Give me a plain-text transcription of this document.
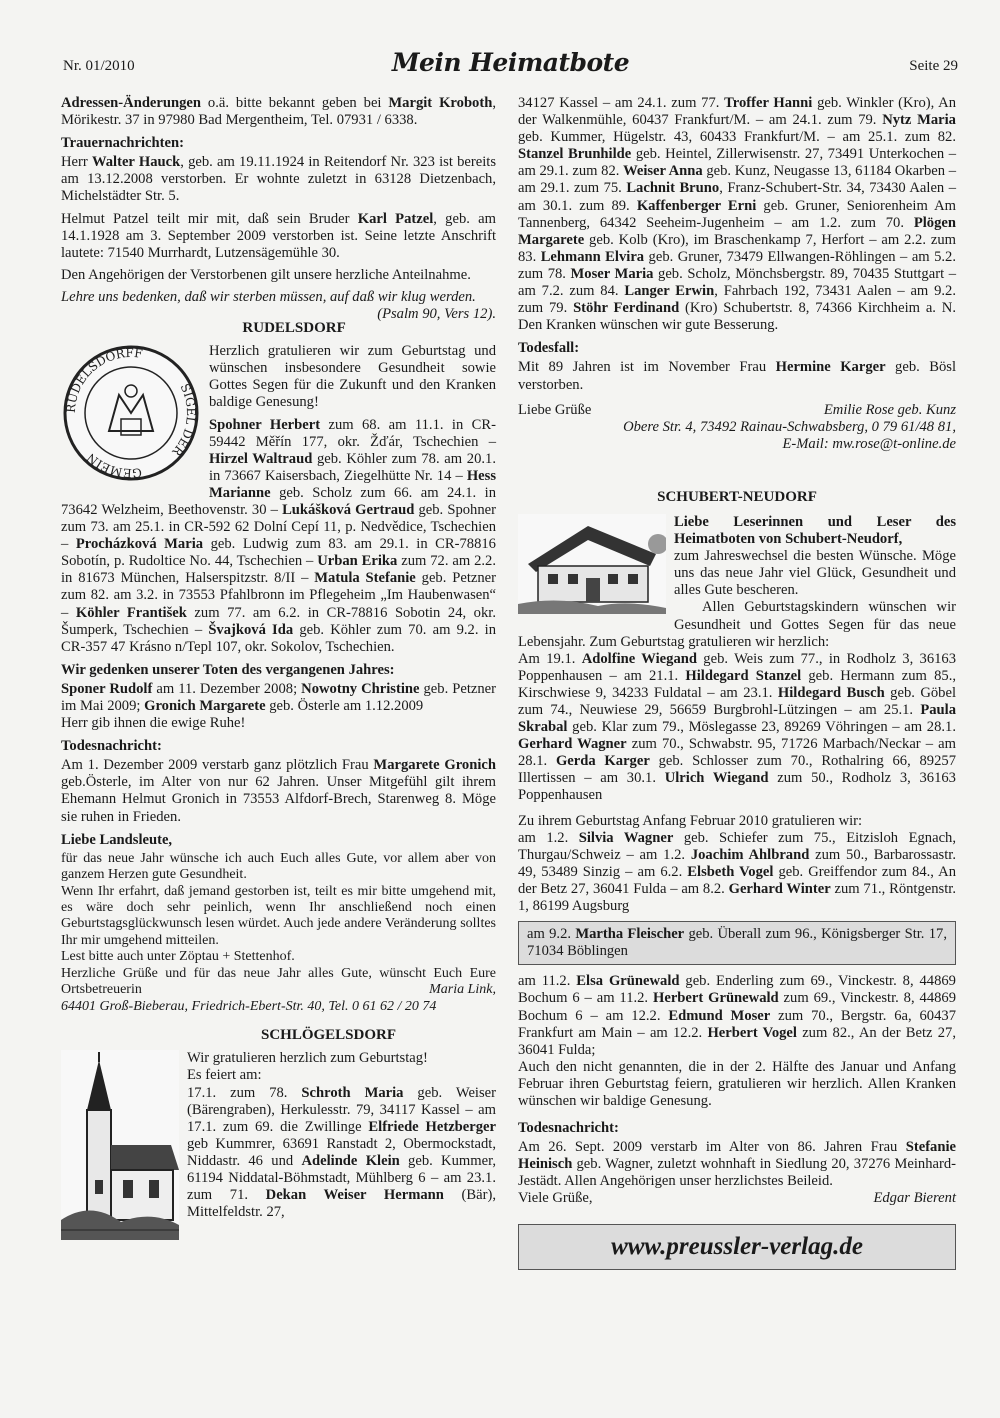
Nr. 01/2010	Mein Heimatbote	Seite 29

Adressen-Änderungen o.ä. bitte bekannt geben bei Margit Kroboth, Mörikestr. 37 in 97980 Bad Mergentheim, Tel. 07931 / 6338.

Trauernachrichten:

Herr Walter Hauck, geb. am 19.11.1924 in Reitendorf Nr. 323 ist bereits am 13.12.2008 verstorben. Er wohnte zuletzt in 63128 Dietzenbach, Michelstädter Str. 5.

Helmut Patzel teilt mir mit, daß sein Bruder Karl Patzel, geb. am 14.1.1928 am 3. September 2009 verstorben ist. Seine letzte Anschrift lautete: 71540 Murrhardt, Lutzensägemühle 30.

Den Angehörigen der Verstorbenen gilt unsere herzliche Anteilnahme.

Lehre uns bedenken, daß wir sterben müssen, auf daß wir klug werden.
(Psalm 90, Vers 12).

RUDELSDORF
RUDELSDORFF
SIGEL DER
GEMEIN

Herzlich gratulieren wir zum Geburtstag und wünschen insbesondere Gesundheit sowie Gottes Segen für die Zukunft und den Kranken baldige Genesung!

Spohner Herbert zum 68. am 11.1. in CR-59442 Měřín 177, okr. Žďár, Tschechien – Hirzel Waltraud geb. Köhler zum 78. am 20.1. in 73667 Kaisersbach, Ziegelhütte Nr. 14 – Hess Marianne geb. Scholz zum 66. am 24.1. in 73642 Welzheim, Beethovenstr. 30 – Lukášková Gertraud geb. Spohner zum 73. am 25.1. in CR-592 62 Dolní Cepí 11, p. Nedvědice, Tschechien – Procházková Maria geb. Ludwig zum 83. am 29.1. in CR-78816 Sobotín, p. Rudoltice No. 44, Tschechien – Urban Erika zum 72. am 2.2. in 81673 München, Halserspitzstr. 8/II – Matula Stefanie geb. Petzner zum 82. am 3.2. in 73553 Pfahlbronn im Pflegeheim „Im Haubenwasen“ – Köhler František zum 77. am 6.2. in CR-78816 Sobotin 24, okr. Šumperk, Tschechien – Švajková Ida geb. Köhler zum 70. am 9.2. in CR-357 47 Krásno n/Tepl 107, okr. Sokolov, Tschechien.

Wir gedenken unserer Toten des vergangenen Jahres:

Sponer Rudolf am 11. Dezember 2008; Nowotny Christine geb. Petzner im Mai 2009; Gronich Margarete geb. Österle am 1.12.2009

Herr gib ihnen die ewige Ruhe!

Todesnachricht:

Am 1. Dezember 2009 verstarb ganz plötzlich Frau Margarete Gronich geb.Österle, im Alter von nur 62 Jahren. Unser Mitgefühl gilt ihrem Ehemann Helmut Gronich in 73553 Alfdorf-Brech, Starenweg 8. Möge sie ruhen in Frieden.

Liebe Landsleute,
für das neue Jahr wünsche ich auch Euch alles Gute, vor allem aber von ganzem Herzen gute Gesundheit.
Wenn Ihr erfahrt, daß jemand gestorben ist, teilt es mir bitte umgehend mit, es wäre doch sehr peinlich, wenn Ihr anschließend noch einen Geburtstagsglückwunsch lesen würdet. Auch jede andere Veränderung solltes Ihr mir umgehend mitteilen.
Lest bitte auch unter Zöptau + Stettenhof.
Herzliche Grüße und für das neue Jahr alles Gute, wünscht Euch Eure Ortsbetreuerin	Maria Link,
64401 Groß-Bieberau, Friedrich-Ebert-Str. 40, Tel. 0 61 62 / 20 74
SCHLÖGELSDORF
Wir gratulieren herzlich zum Geburtstag!
Es feiert am:

17.1. zum 78. Schroth Maria geb. Weiser (Bärengraben), Herkulesstr. 79, 34117 Kassel – am 17.1. zum 69. die Zwillinge Elfriede Hetzberger geb Kummrer, 63691 Ranstadt 2, Obermockstadt, Niddastr. 46 und Adelinde Klein geb. Kummer, 61194 Niddatal-Böhmstadt, Mühlberg 6 – am 23.1. zum 71. Dekan Weiser Hermann (Bär), Mittelfeldstr. 27,

34127 Kassel – am 24.1. zum 77. Troffer Hanni geb. Winkler (Kro), An der Walkenmühle, 60437 Frankfurt/M. – am 24.1. zum 79. Nytz Maria geb. Kummer, Hügelstr. 43, 60433 Frankfurt/M. – am 25.1. zum 82. Stanzel Brunhilde geb. Heintel, Zillerwisenstr. 27, 73491 Unterkochen – am 29.1. zum 82. Weiser Anna geb. Kunz, Neugasse 13, 61184 Okarben – am 29.1. zum 75. Lachnit Bruno, Franz-Schubert-Str. 34, 73430 Aalen – am 30.1. zum 89. Kaffenberger Erni geb. Gruner, Seniorenheim Am Tannenberg, 64342 Seeheim-Jugenheim – am 1.2. zum 70. Plögen Margarete geb. Kolb (Kro), im Braschenkamp 7, Herfort – am 2.2. zum 83. Lehmann Elvira geb. Gruner, 73479 Ellwangen-Röhlingen – am 5.2. zum 78. Moser Maria geb. Scholz, Mönchsbergstr. 89, 70435 Stuttgart – am 7.2. zum 84. Langer Erwin, Fahrbach 192, 73431 Aalen – am 9.2. zum 79. Stöhr Ferdinand (Kro) Schubertstr. 8, 74366 Kirchheim a. N. Den Kranken wünschen wir gute Besserung.

Todesfall:

Mit 89 Jahren ist im November Frau Hermine Karger geb. Bösl verstorben.

Liebe Grüße	Emilie Rose geb. Kunz
Obere Str. 4, 73492 Rainau-Schwabsberg, 0 79 61/48 81,
E-Mail: mw.rose@t-online.de
SCHUBERT-NEUDORF

Liebe Leserinnen und Leser des Heimatboten von Schubert-Neudorf,

zum Jahreswechsel die besten Wünsche. Möge uns das neue Jahr viel Glück, Gesundheit und alles Gute bescheren.

Allen Geburtstagskindern wünschen wir Gesundheit und Gottes Segen für das neue Lebensjahr. Zum Geburtstag gratulieren wir herzlich:

Am 19.1. Adolfine Wiegand geb. Weis zum 77., in Rodholz 3, 36163 Poppenhausen – am 21.1. Hildegard Stanzel geb. Hermann zum 85., Kirschwiese 9, 34233 Fuldatal – am 23.1. Hildegard Busch geb. Göbel zum 74., Neuwiese 29, 56659 Burgbrohl-Lützingen – am 25.1. Paula Skrabal geb. Klar zum 79., Möslegasse 23, 89269 Vöhringen – am 28.1. Gerhard Wagner zum 70., Schwabstr. 95, 71726 Marbach/Neckar – am 28.1. Gerda Karger geb. Schlosser zum 70., Rothalring 66, 89257 Illertissen – am 30.1. Ulrich Wiegand zum 50., Rodholz 3, 36163 Poppenhausen

Zu ihrem Geburtstag Anfang Februar 2010 gratulieren wir:

am 1.2. Silvia Wagner geb. Schiefer zum 75., Eitzisloh Egnach, Thurgau/Schweiz – am 1.2. Joachim Ahlbrand zum 50., Barbarossastr. 49, 53489 Sinzig – am 6.2. Elsbeth Vogel geb. Greiffendor zum 84., An der Betz 27, 36041 Fulda – am 8.2. Gerhard Winter zum 71., Röntgenstr. 1, 86199 Augsburg

am 9.2. Martha Fleischer geb. Überall zum 96., Königsberger Str. 17, 71034 Böblingen

am 11.2. Elsa Grünewald geb. Enderling zum 69., Vinckestr. 8, 44869 Bochum 6 – am 11.2. Herbert Grünewald zum 69., Vinckestr. 8, 44869 Bochum 6 – am 12.2. Edmund Moser zum 70., Bergstr. 6a, 60437 Frankfurt am Main – am 12.2. Herbert Vogel zum 82., An der Betz 27, 36041 Fulda;

Auch den nicht genannten, die in der 2. Hälfte des Januar und Anfang Februar ihren Geburtstag feiern, gratulieren wir herzlich. Allen Kranken wünschen wir baldige Genesung.

Todesnachricht:

Am 26. Sept. 2009 verstarb im Alter von 86. Jahren Frau Stefanie Heinisch geb. Wagner, zuletzt wohnhaft in Siedlung 20, 37276 Meinhard-Jestädt. Allen Angehörigen unser herzlichstes Beileid.

Viele Grüße,	Edgar Bierent
www.preussler-verlag.de
